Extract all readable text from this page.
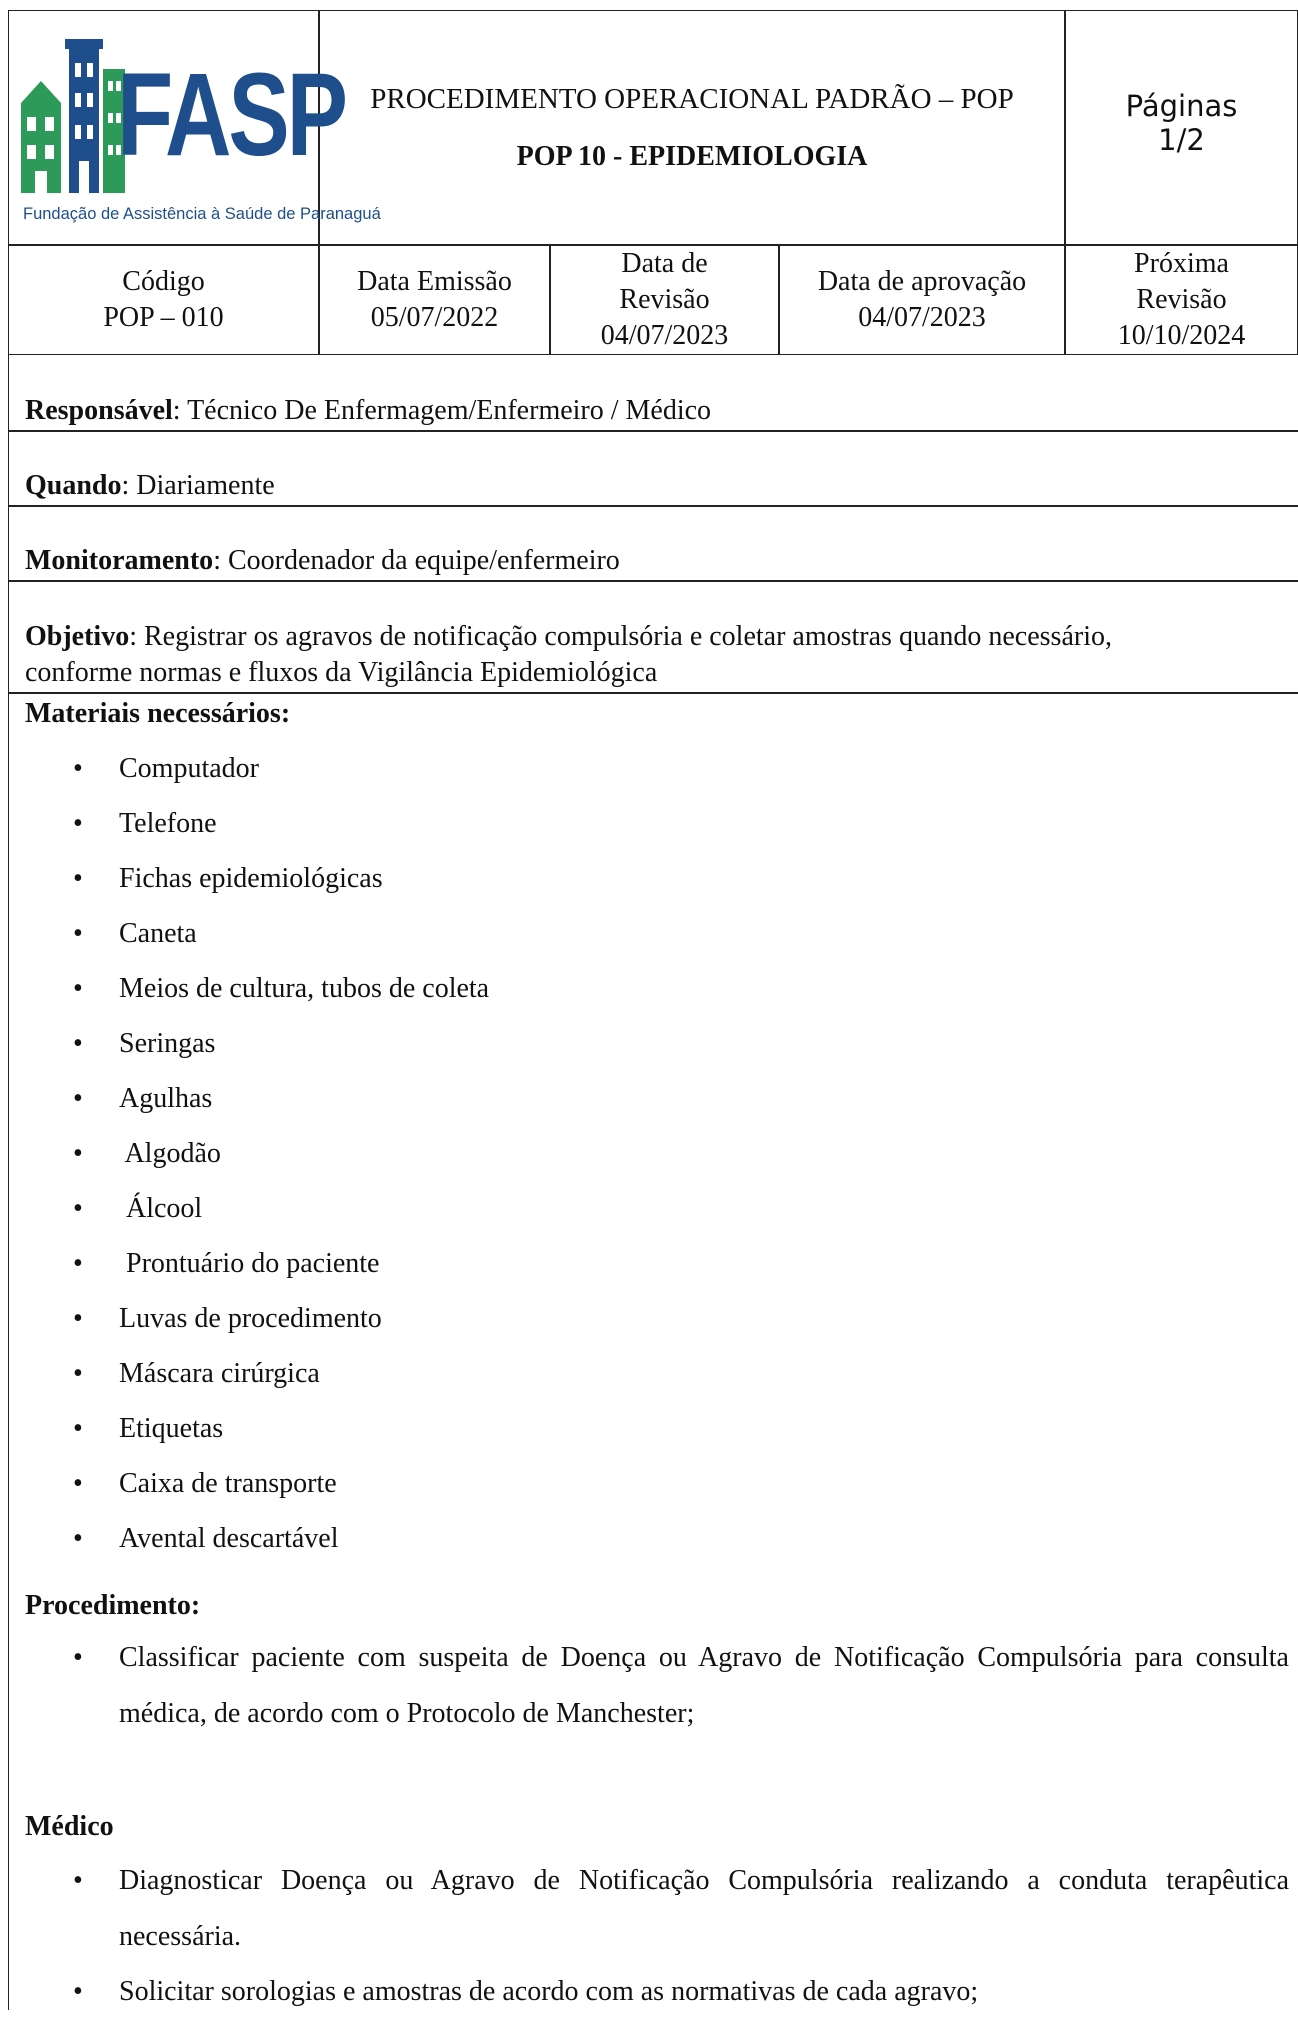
FASP
Fundação de Assistência à Saúde de Paranaguá
PROCEDIMENTO OPERACIONAL PADRÃO – POP
POP 10 - EPIDEMIOLOGIA
Páginas
1/2
Código
POP – 010
Data Emissão
05/07/2022
Data de
Revisão
04/07/2023
Data de aprovação
04/07/2023
Próxima
Revisão
10/10/2024
Responsável: Técnico De Enfermagem/Enfermeiro / Médico
Quando: Diariamente
Monitoramento: Coordenador da equipe/enfermeiro
Objetivo: Registrar os agravos de notificação compulsória e coletar amostras quando necessário,
conforme normas e fluxos da Vigilância Epidemiológica
Materiais necessários:
• Computador
• Telefone
• Fichas epidemiológicas
• Caneta
• Meios de cultura, tubos de coleta
• Seringas
• Agulhas
• Algodão
• Álcool
• Prontuário do paciente
• Luvas de procedimento
• Máscara cirúrgica
• Etiquetas
• Caixa de transporte
• Avental descartável
Procedimento:
• Classificar paciente com suspeita de Doença ou Agravo de Notificação Compulsória para consulta médica, de acordo com o Protocolo de Manchester;
Médico
• Diagnosticar Doença ou Agravo de Notificação Compulsória realizando a conduta terapêutica necessária.
• Solicitar sorologias e amostras de acordo com as normativas de cada agravo;
